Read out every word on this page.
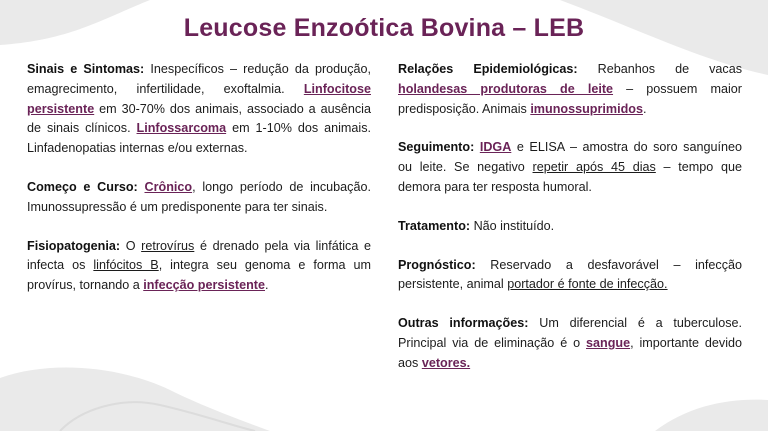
Leucose Enzoótica Bovina – LEB

Sinais e Sintomas: Inespecíficos – redução da produção, emagrecimento, infertilidade, exoftalmia. Linfocitose persistente em 30-70% dos animais, associado a ausência de sinais clínicos. Linfossarcoma em 1-10% dos animais. Linfadenopatias internas e/ou externas.

Começo e Curso: Crônico, longo período de incubação. Imunossupressão é um predisponente para ter sinais.

Fisiopatogenia: O retrovírus é drenado pela via linfática e infecta os linfócitos B, integra seu genoma e forma um provírus, tornando a infecção persistente.

Relações Epidemiológicas: Rebanhos de vacas holandesas produtoras de leite – possuem maior predisposição. Animais imunossuprimidos.

Seguimento: IDGA e ELISA – amostra do soro sanguíneo ou leite. Se negativo repetir após 45 dias – tempo que demora para ter resposta humoral.

Tratamento: Não instituído.

Prognóstico: Reservado a desfavorável – infecção persistente, animal portador é fonte de infecção.

Outras informações: Um diferencial é a tuberculose. Principal via de eliminação é o sangue, importante devido aos vetores.
